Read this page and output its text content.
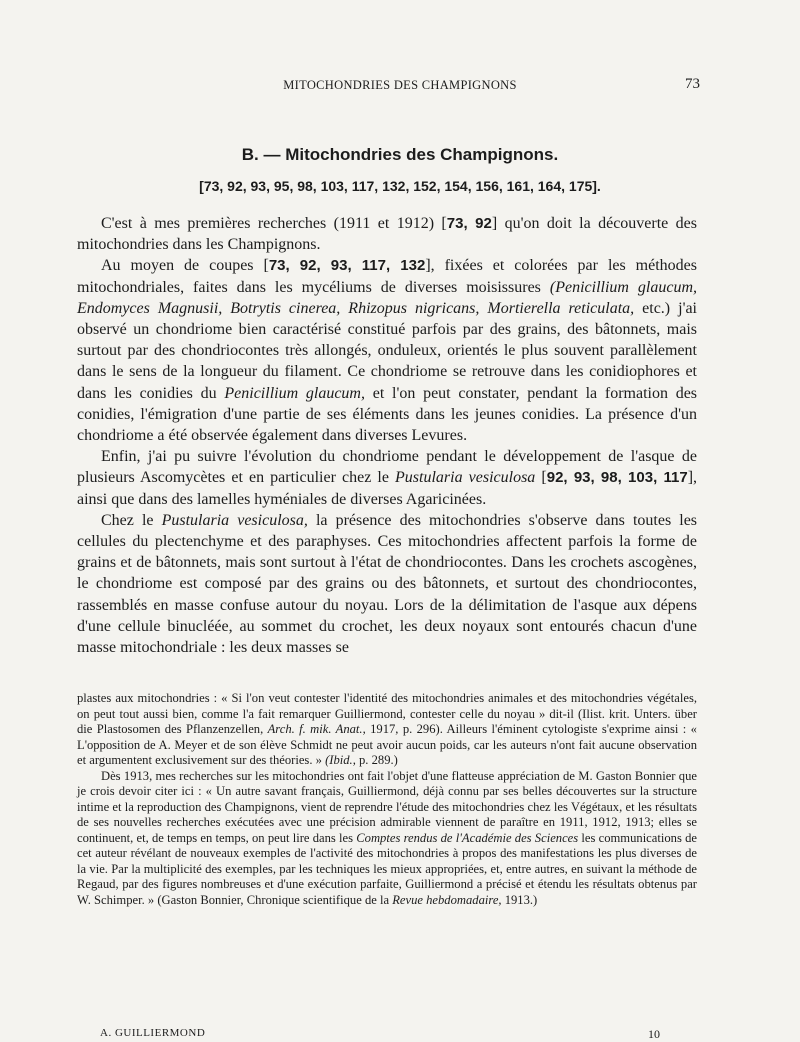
MITOCHONDRIES DES CHAMPIGNONS	73
B. — Mitochondries des Champignons.
[73, 92, 93, 95, 98, 103, 117, 132, 152, 154, 156, 161, 164, 175].

C'est à mes premières recherches (1911 et 1912) [73, 92] qu'on doit la découverte des mitochondries dans les Champignons.

Au moyen de coupes [73, 92, 93, 117, 132], fixées et colorées par les méthodes mitochondriales, faites dans les mycéliums de diverses moisissures (Penicillium glaucum, Endomyces Magnusii, Botrytis cinerea, Rhizopus nigricans, Mortierella reticulata, etc.) j'ai observé un chondriome bien caractérisé constitué parfois par des grains, des bâtonnets, mais surtout par des chondriocontes très allongés, onduleux, orientés le plus souvent parallèlement dans le sens de la longueur du filament. Ce chondriome se retrouve dans les conidiophores et dans les conidies du Penicillium glaucum, et l'on peut constater, pendant la formation des conidies, l'émigration d'une partie de ses éléments dans les jeunes conidies. La présence d'un chondriome a été observée également dans diverses Levures.

Enfin, j'ai pu suivre l'évolution du chondriome pendant le développement de l'asque de plusieurs Ascomycètes et en particulier chez le Pustularia vesiculosa [92, 93, 98, 103, 117], ainsi que dans des lamelles hyméniales de diverses Agaricinées.

Chez le Pustularia vesiculosa, la présence des mitochondries s'observe dans toutes les cellules du plectenchyme et des paraphyses. Ces mitochondries affectent parfois la forme de grains et de bâtonnets, mais sont surtout à l'état de chondriocontes. Dans les crochets ascogènes, le chondriome est composé par des grains ou des bâtonnets, et surtout des chondriocontes, rassemblés en masse confuse autour du noyau. Lors de la délimitation de l'asque aux dépens d'une cellule binucléée, au sommet du crochet, les deux noyaux sont entourés chacun d'une masse mitochondriale : les deux masses se

plastes aux mitochondries : « Si l'on veut contester l'identité des mitochondries animales et des mitochondries végétales, on peut tout aussi bien, comme l'a fait remarquer Guilliermond, contester celle du noyau » dit-il (Ilist. krit. Unters. über die Plastosomen des Pflanzenzellen, Arch. f. mik. Anat., 1917, p. 296). Ailleurs l'éminent cytologiste s'exprime ainsi : « L'opposition de A. Meyer et de son élève Schmidt ne peut avoir aucun poids, car les auteurs n'ont fait aucune observation et argumentent exclusivement sur des théories. » (Ibid., p. 289.)

Dès 1913, mes recherches sur les mitochondries ont fait l'objet d'une flatteuse appréciation de M. Gaston Bonnier que je crois devoir citer ici : « Un autre savant français, Guilliermond, déjà connu par ses belles découvertes sur la structure intime et la reproduction des Champignons, vient de reprendre l'étude des mitochondries chez les Végétaux, et les résultats de ses nouvelles recherches exécutées avec une précision admirable viennent de paraître en 1911, 1912, 1913; elles se continuent, et, de temps en temps, on peut lire dans les Comptes rendus de l'Académie des Sciences les communications de cet auteur révélant de nouveaux exemples de l'activité des mitochondries à propos des manifestations les plus diverses de la vie. Par la multiplicité des exemples, par les techniques les mieux appropriées, et, entre autres, en suivant la méthode de Regaud, par des figures nombreuses et d'une exécution parfaite, Guilliermond a précisé et étendu les résultats obtenus par W. Schimper. » (Gaston Bonnier, Chronique scientifique de la Revue hebdomadaire, 1913.)

A. GUILLIERMOND	10
